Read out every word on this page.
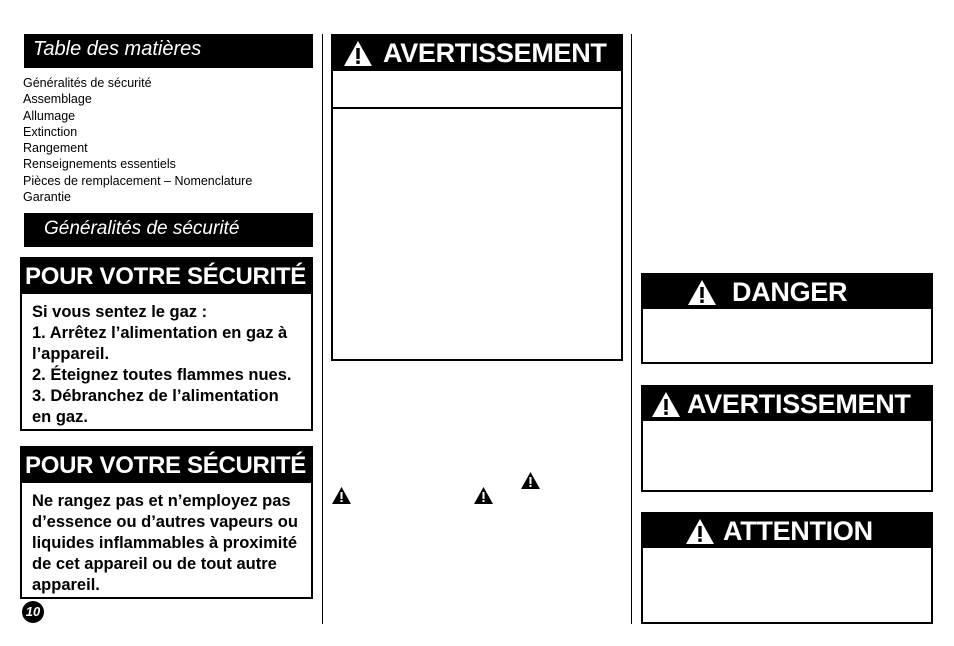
Table des matières
Généralités de sécurité
Assemblage
Allumage
Extinction
Rangement
Renseignements essentiels
Pièces de remplacement – Nomenclature
Garantie
Généralités de sécurité
POUR VOTRE SÉCURITÉ
Si vous sentez le gaz :
1. Arrêtez l’alimentation en gaz à
l’appareil.
2. Éteignez toutes flammes nues.
3. Débranchez de l’alimentation
en gaz.
POUR VOTRE SÉCURITÉ
Ne rangez pas et n’employez pas
d’essence ou d’autres vapeurs ou
liquides inflammables à proximité
de cet appareil ou de tout autre
appareil.
10
AVERTISSEMENT
DANGER
AVERTISSEMENT
ATTENTION
